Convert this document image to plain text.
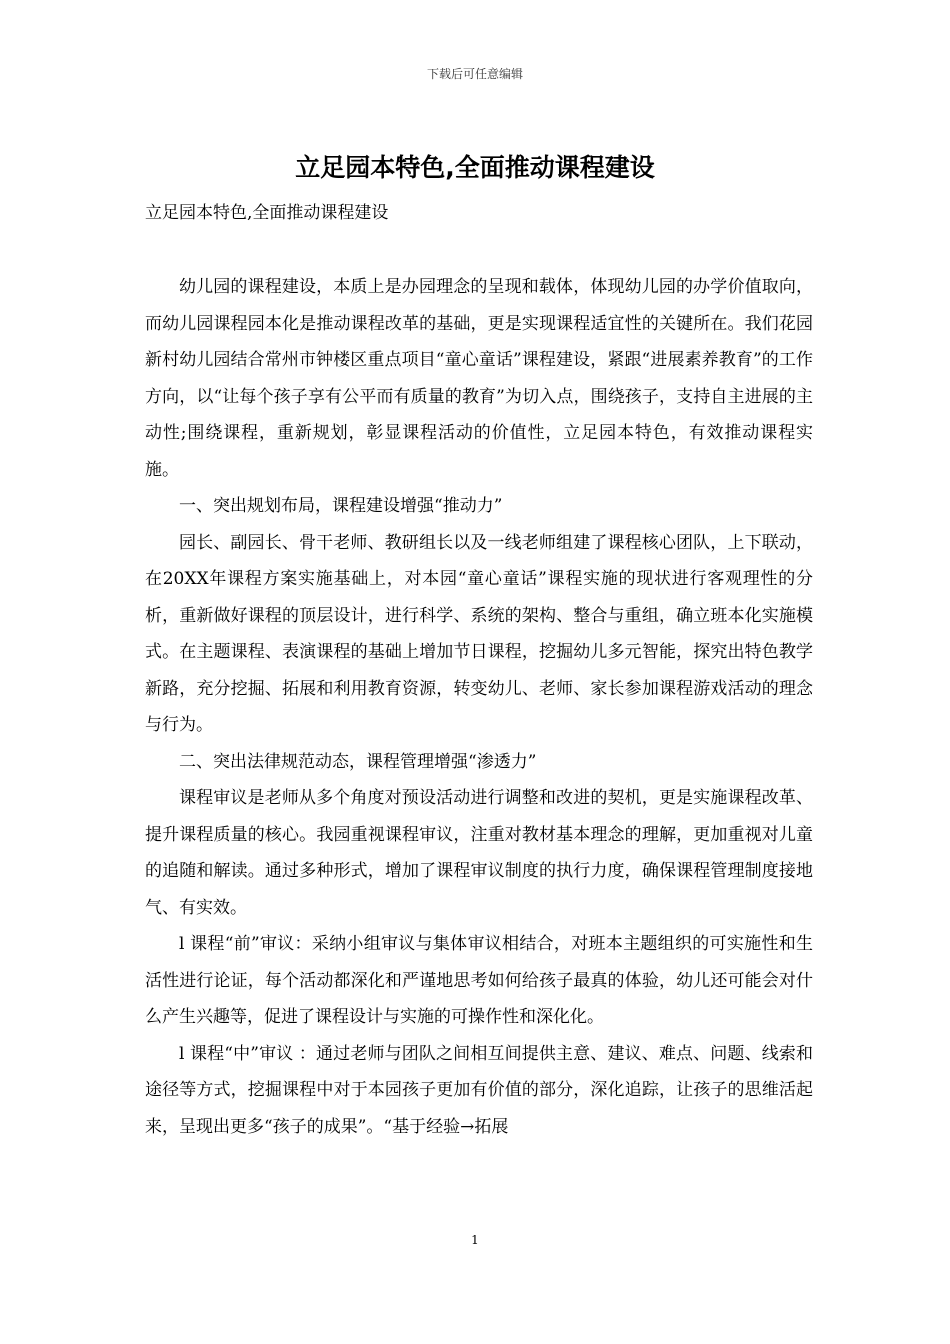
下载后可任意编辑
立足园本特色,全面推动课程建设
立足园本特色,全面推动课程建设

幼儿园的课程建设，本质上是办园理念的呈现和载体，体现幼儿园的办学价值取向，而幼儿园课程园本化是推动课程改革的基础，更是实现课程适宜性的关键所在。我们花园新村幼儿园结合常州市钟楼区重点项目“童心童话”课程建设，紧跟“进展素养教育”的工作方向，以“让每个孩子享有公平而有质量的教育”为切入点，围绕孩子，支持自主进展的主动性;围绕课程，重新规划，彰显课程活动的价值性，立足园本特色，有效推动课程实施。

一、突出规划布局，课程建设增强“推动力”

园长、副园长、骨干老师、教研组长以及一线老师组建了课程核心团队，上下联动，在20XX年课程方案实施基础上，对本园“童心童话”课程实施的现状进行客观理性的分析，重新做好课程的顶层设计，进行科学、系统的架构、整合与重组，确立班本化实施模式。在主题课程、表演课程的基础上增加节日课程，挖掘幼儿多元智能，探究出特色教学新路，充分挖掘、拓展和利用教育资源，转变幼儿、老师、家长参加课程游戏活动的理念与行为。

二、突出法律规范动态，课程管理增强“渗透力”

课程审议是老师从多个角度对预设活动进行调整和改进的契机，更是实施课程改革、提升课程质量的核心。我园重视课程审议，注重对教材基本理念的理解，更加重视对儿童的追随和解读。通过多种形式，增加了课程审议制度的执行力度，确保课程管理制度接地气、有实效。

l 课程“前”审议：采纳小组审议与集体审议相结合，对班本主题组织的可实施性和生活性进行论证，每个活动都深化和严谨地思考如何给孩子最真的体验，幼儿还可能会对什么产生兴趣等，促进了课程设计与实施的可操作性和深化化。

l 课程“中”审议 ：通过老师与团队之间相互间提供主意、建议、难点、问题、线索和途径等方式，挖掘课程中对于本园孩子更加有价值的部分，深化追踪，让孩子的思维活起来，呈现出更多“孩子的成果”。“基于经验→拓展

1
